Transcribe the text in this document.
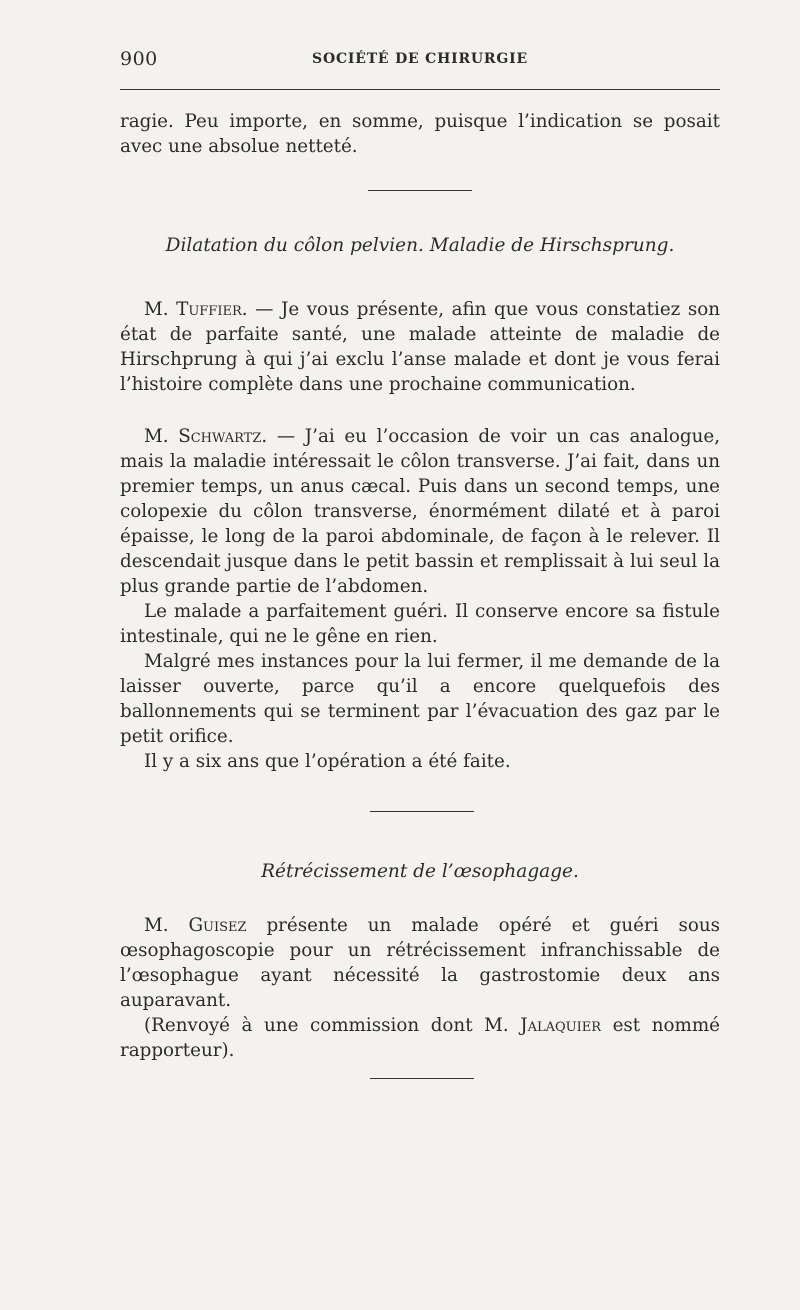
900	SOCIÉTÉ DE CHIRURGIE

ragie. Peu importe, en somme, puisque l’indication se posait avec une absolue netteté.

Dilatation du côlon pelvien. Maladie de Hirschsprung.

M. Tuffier. — Je vous présente, afin que vous constatiez son état de parfaite santé, une malade atteinte de maladie de Hirschprung à qui j’ai exclu l’anse malade et dont je vous ferai l’histoire complète dans une prochaine communication.

M. Schwartz. — J’ai eu l’occasion de voir un cas analogue, mais la maladie intéressait le côlon transverse. J’ai fait, dans un premier temps, un anus cæcal. Puis dans un second temps, une colopexie du côlon transverse, énormément dilaté et à paroi épaisse, le long de la paroi abdominale, de façon à le relever. Il descendait jusque dans le petit bassin et remplissait à lui seul la plus grande partie de l’abdomen.

Le malade a parfaitement guéri. Il conserve encore sa fistule intestinale, qui ne le gêne en rien.

Malgré mes instances pour la lui fermer, il me demande de la laisser ouverte, parce qu’il a encore quelquefois des ballonnements qui se terminent par l’évacuation des gaz par le petit orifice.

Il y a six ans que l’opération a été faite.

Rétrécissement de l’œsophagage.

M. Guisez présente un malade opéré et guéri sous œsophagoscopie pour un rétrécissement infranchissable de l’œsophague ayant nécessité la gastrostomie deux ans auparavant.

(Renvoyé à une commission dont M. Jalaquier est nommé rapporteur).
